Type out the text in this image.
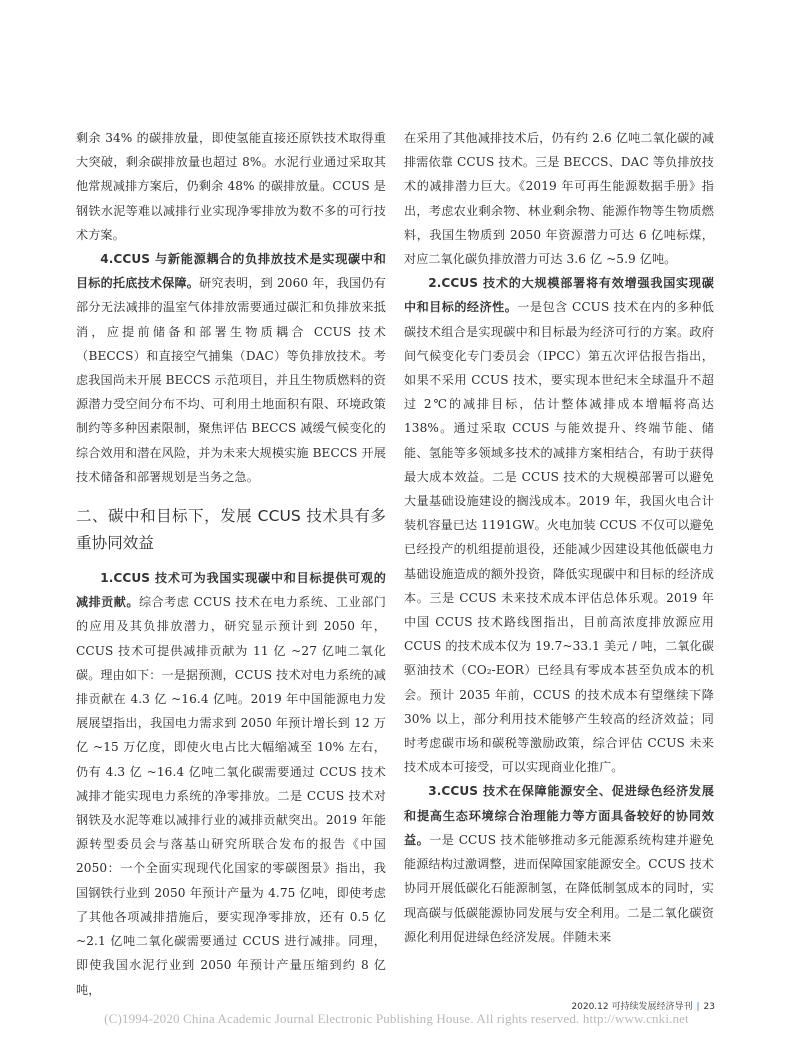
剩余 34% 的碳排放量，即使氢能直接还原铁技术取得重大突破，剩余碳排放量也超过 8%。水泥行业通过采取其他常规减排方案后，仍剩余 48% 的碳排放量。CCUS 是钢铁水泥等难以减排行业实现净零排放为数不多的可行技术方案。

4.CCUS 与新能源耦合的负排放技术是实现碳中和目标的托底技术保障。研究表明，到 2060 年，我国仍有部分无法减排的温室气体排放需要通过碳汇和负排放来抵消，应提前储备和部署生物质耦合 CCUS 技术（BECCS）和直接空气捕集（DAC）等负排放技术。考虑我国尚未开展 BECCS 示范项目，并且生物质燃料的资源潜力受空间分布不均、可利用土地面积有限、环境政策制约等多种因素限制，聚焦评估 BECCS 减缓气候变化的综合效用和潜在风险，并为未来大规模实施 BECCS 开展技术储备和部署规划是当务之急。

二、碳中和目标下，发展 CCUS 技术具有多重协同效益

1.CCUS 技术可为我国实现碳中和目标提供可观的减排贡献。综合考虑 CCUS 技术在电力系统、工业部门的应用及其负排放潜力，研究显示预计到 2050 年，CCUS 技术可提供减排贡献为 11 亿 ~27 亿吨二氧化碳。理由如下：一是据预测，CCUS 技术对电力系统的减排贡献在 4.3 亿 ~16.4 亿吨。2019 年中国能源电力发展展望指出，我国电力需求到 2050 年预计增长到 12 万亿 ~15 万亿度，即使火电占比大幅缩减至 10% 左右，仍有 4.3 亿 ~16.4 亿吨二氧化碳需要通过 CCUS 技术减排才能实现电力系统的净零排放。二是 CCUS 技术对钢铁及水泥等难以减排行业的减排贡献突出。2019 年能源转型委员会与落基山研究所联合发布的报告《中国 2050：一个全面实现现代化国家的零碳图景》指出，我国钢铁行业到 2050 年预计产量为 4.75 亿吨，即使考虑了其他各项减排措施后，要实现净零排放，还有 0.5 亿 ~2.1 亿吨二氧化碳需要通过 CCUS 进行减排。同理，即使我国水泥行业到 2050 年预计产量压缩到约 8 亿吨，

在采用了其他减排技术后，仍有约 2.6 亿吨二氧化碳的减排需依靠 CCUS 技术。三是 BECCS、DAC 等负排放技术的减排潜力巨大。《2019 年可再生能源数据手册》指出，考虑农业剩余物、林业剩余物、能源作物等生物质燃料，我国生物质到 2050 年资源潜力可达 6 亿吨标煤，对应二氧化碳负排放潜力可达 3.6 亿 ~5.9 亿吨。

2.CCUS 技术的大规模部署将有效增强我国实现碳中和目标的经济性。一是包含 CCUS 技术在内的多种低碳技术组合是实现碳中和目标最为经济可行的方案。政府间气候变化专门委员会（IPCC）第五次评估报告指出，如果不采用 CCUS 技术，要实现本世纪末全球温升不超过 2℃的减排目标，估计整体减排成本增幅将高达 138%。通过采取 CCUS 与能效提升、终端节能、储能、氢能等多领域多技术的减排方案相结合，有助于获得最大成本效益。二是 CCUS 技术的大规模部署可以避免大量基础设施建设的搁浅成本。2019 年，我国火电合计装机容量已达 1191GW。火电加装 CCUS 不仅可以避免已经投产的机组提前退役，还能减少因建设其他低碳电力基础设施造成的额外投资，降低实现碳中和目标的经济成本。三是 CCUS 未来技术成本评估总体乐观。2019 年中国 CCUS 技术路线图指出，目前高浓度排放源应用 CCUS 的技术成本仅为 19.7~33.1 美元 / 吨，二氧化碳驱油技术（CO₂-EOR）已经具有零成本甚至负成本的机会。预计 2035 年前，CCUS 的技术成本有望继续下降 30% 以上，部分利用技术能够产生较高的经济效益；同时考虑碳市场和碳税等激励政策，综合评估 CCUS 未来技术成本可接受，可以实现商业化推广。

3.CCUS 技术在保障能源安全、促进绿色经济发展和提高生态环境综合治理能力等方面具备较好的协同效益。一是 CCUS 技术能够推动多元能源系统构建并避免能源结构过激调整，进而保障国家能源安全。CCUS 技术协同开展低碳化石能源制氢，在降低制氢成本的同时，实现高碳与低碳能源协同发展与安全利用。二是二氧化碳资源化利用促进绿色经济发展。伴随未来

2020.12 可持续发展经济导刊 | 23
(C)1994-2020 China Academic Journal Electronic Publishing House. All rights reserved. http://www.cnki.net
